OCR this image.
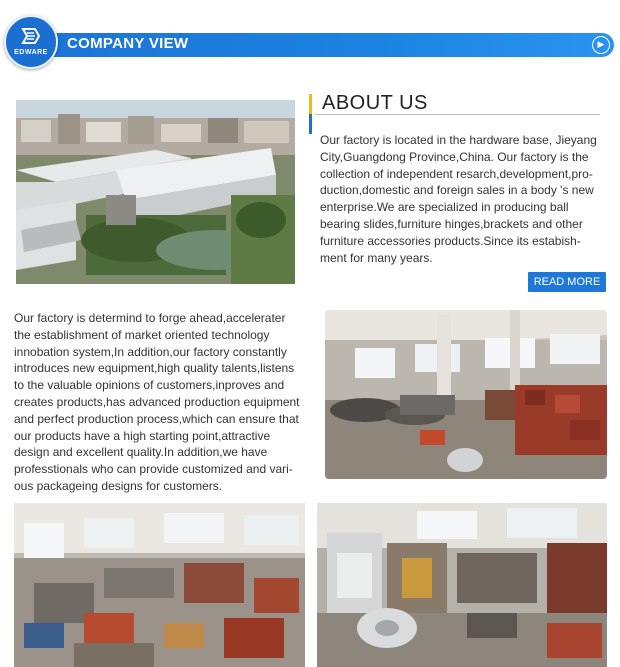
COMPANY VIEW	▶
EDWARE
ABOUT US
Our factory is located in the hardware base, Jieyang
City,Guangdong Province,China. Our factory is the
collection of independent resarch,development,pro-
duction,domestic and foreign sales in a body 's new
enterprise.We are specialized in producing ball
bearing slides,furniture hinges,brackets and other
furniture accessories products.Since its estabish-
ment for many years.
READ MORE
Our factory is determind to forge ahead,accelerater
the establishment of market oriented technology
innobation system,In addition,our factory constantly
introduces new equipment,high quality talents,listens
to the valuable opinions of customers,inproves and
creates products,has advanced production equipment
and perfect production process,which can ensure that
our products have a high starting point,attractive
design and excellent quality.In addition,we have
professtionals who can provide customized and vari-
ous packageing designs for customers.
